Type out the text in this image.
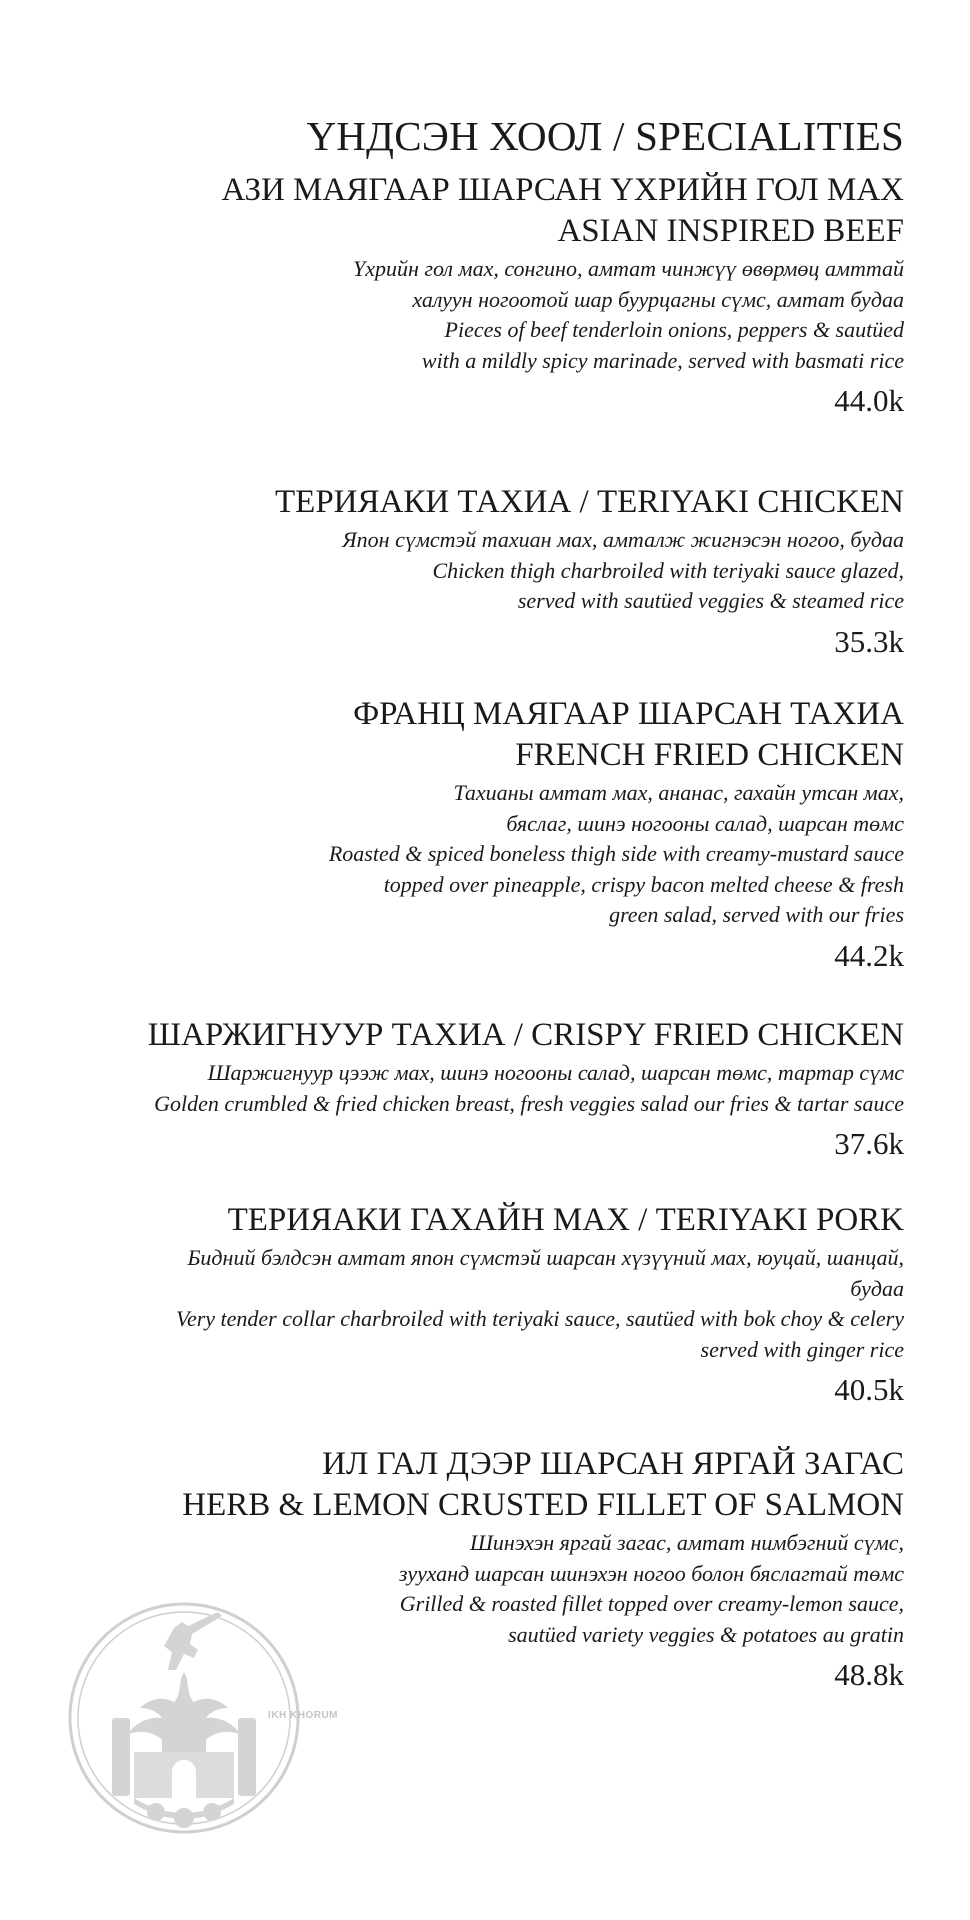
ҮНДСЭН ХООЛ / SPECIALITIES
АЗИ МАЯГААР ШАРСАН ҮХРИЙН ГОЛ МАХ
ASIAN INSPIRED BEEF
Үхрийн гол мах, сонгино, амтат чинжүү өвөрмөц амттай
халуун ногоотой шар буурцагны сүмс, амтат будаа
Pieces of beef tenderloin onions, peppers & sautüed
with a mildly spicy marinade, served with basmati rice
44.0k
ТЕРИЯАКИ ТАХИА / TERIYAKI CHICKEN
Япон сүмстэй тахиан мах, амталж жигнэсэн ногоо, будаа
Chicken thigh charbroiled with teriyaki sauce glazed,
served with sautüed veggies & steamed rice
35.3k
ФРАНЦ МАЯГААР ШАРСАН ТАХИА
FRENCH FRIED CHICKEN
Тахианы амтат мах, ананас, гахайн утсан мах,
бяслаг, шинэ ногооны салад, шарсан төмс
Roasted & spiced boneless thigh side with creamy-mustard sauce
topped over pineapple, crispy bacon melted cheese & fresh
green salad, served with our fries
44.2k
ШАРЖИГНУУР ТАХИА / CRISPY FRIED CHICKEN
Шаржигнуур цээж мах, шинэ ногооны салад, шарсан төмс, тартар сүмс
Golden crumbled & fried chicken breast, fresh veggies salad our fries & tartar sauce
37.6k
ТЕРИЯАКИ ГАХАЙН МАХ / TERIYAKI PORK
Бидний бэлдсэн амтат япон сүмстэй шарсан хүзүүний мах, юуцай, шанцай,
будаа
Very tender collar charbroiled with teriyaki sauce, sautüed with bok choy & celery
served with ginger rice
40.5k
ИЛ ГАЛ ДЭЭР ШАРСАН ЯРГАЙ ЗАГАС
HERB & LEMON CRUSTED FILLET OF SALMON
Шинэхэн яргай загас, амтат нимбэгний сүмс,
зууханд шарсан шинэхэн ногоо болон бяслагтай төмс
Grilled & roasted fillet topped over creamy-lemon sauce,
sautüed variety veggies & potatoes au gratin
48.8k
IKH KHORUM
